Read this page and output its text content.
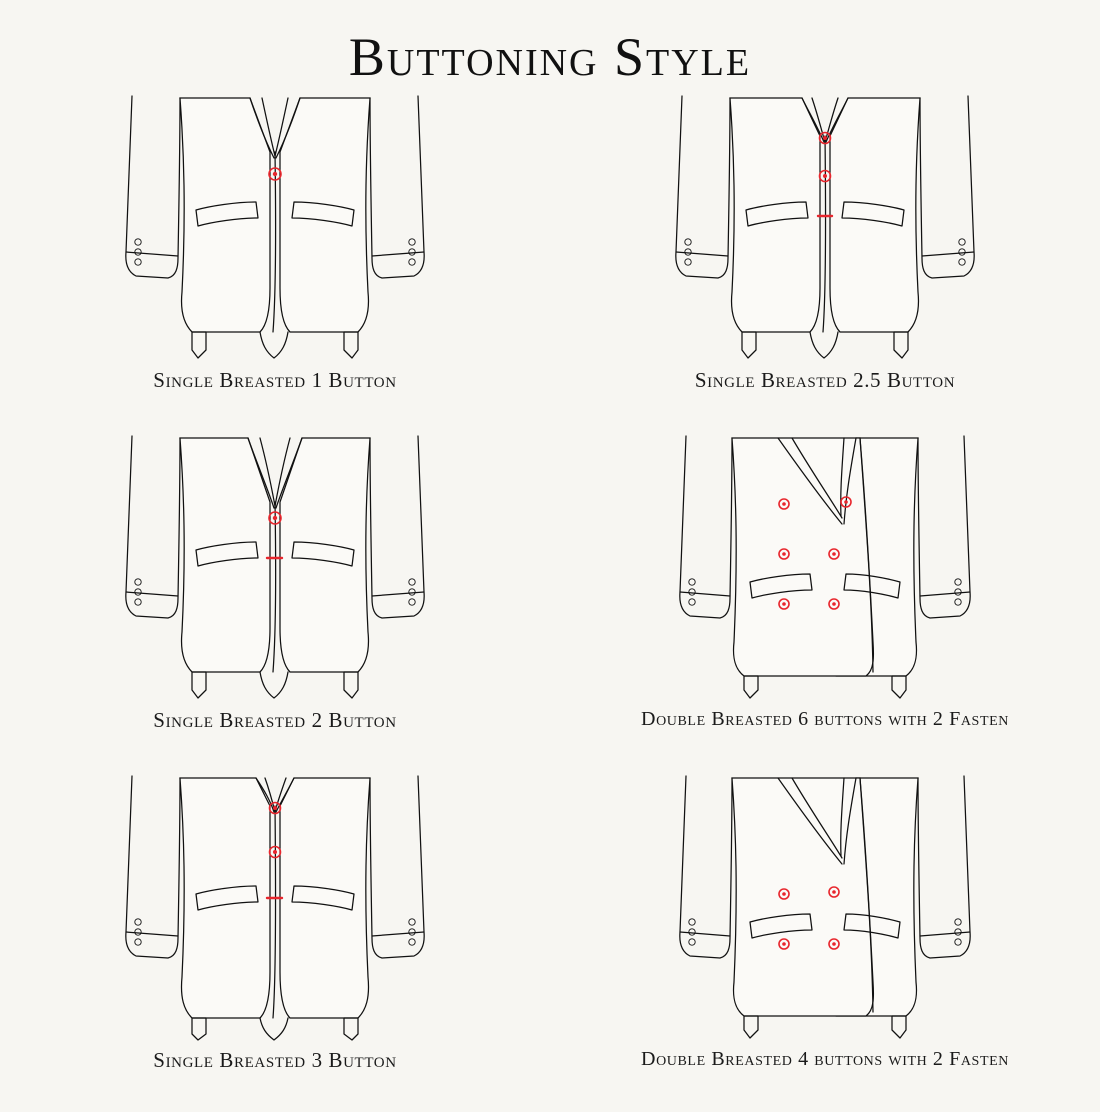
Buttoning Style
Single Breasted 1 Button	Single Breasted 2.5 Button
Single Breasted 2 Button	Double Breasted 6 buttons with 2 Fasten
Single Breasted 3 Button	Double Breasted 4 buttons with 2 Fasten
